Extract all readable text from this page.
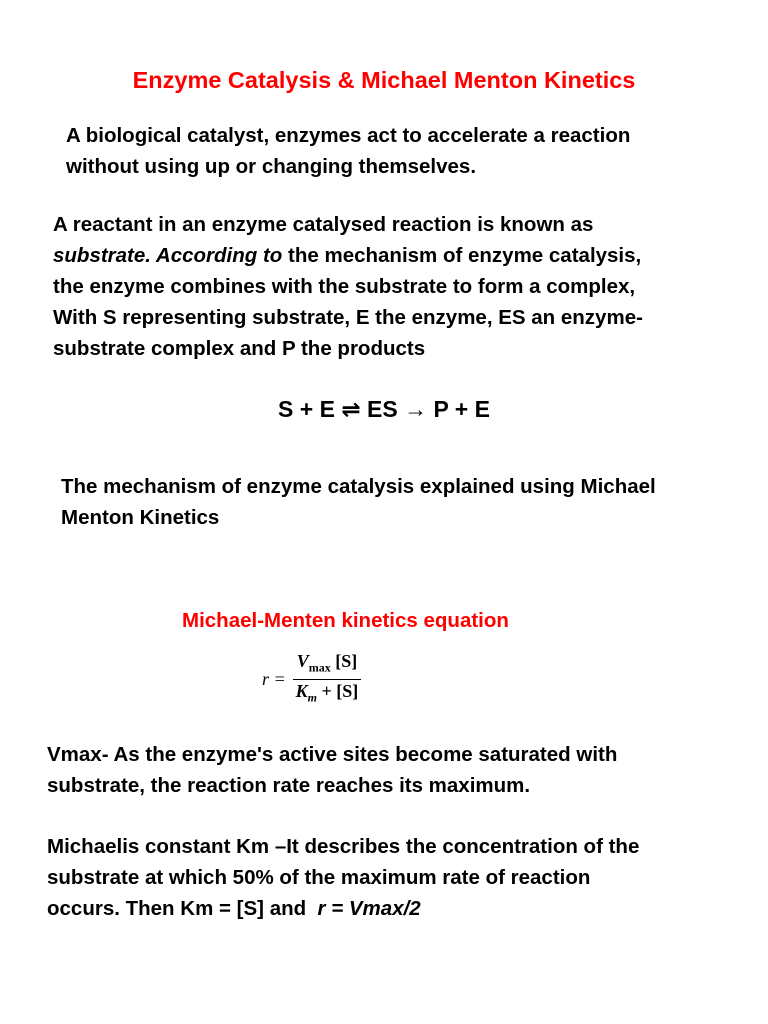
Enzyme Catalysis & Michael Menton Kinetics
A biological catalyst, enzymes act to accelerate a reaction
without using up or changing themselves.
A reactant in an enzyme catalysed reaction is known as
substrate. According to the mechanism of enzyme catalysis,
the enzyme combines with the substrate to form a complex,
With S representing substrate, E the enzyme, ES an enzyme-
substrate complex and P the products
S + E ⇌ ES → P + E
The mechanism of enzyme catalysis explained using Michael
Menton Kinetics
Michael-Menten kinetics equation
$r = \frac{V_{max} [S]}{K_m + [S]}$
Vmax- As the enzyme's active sites become saturated with
substrate, the reaction rate reaches its maximum.
Michaelis constant Km –It describes the concentration of the
substrate at which 50% of the maximum rate of reaction
occurs. Then Km = [S] and  r = Vmax/2
